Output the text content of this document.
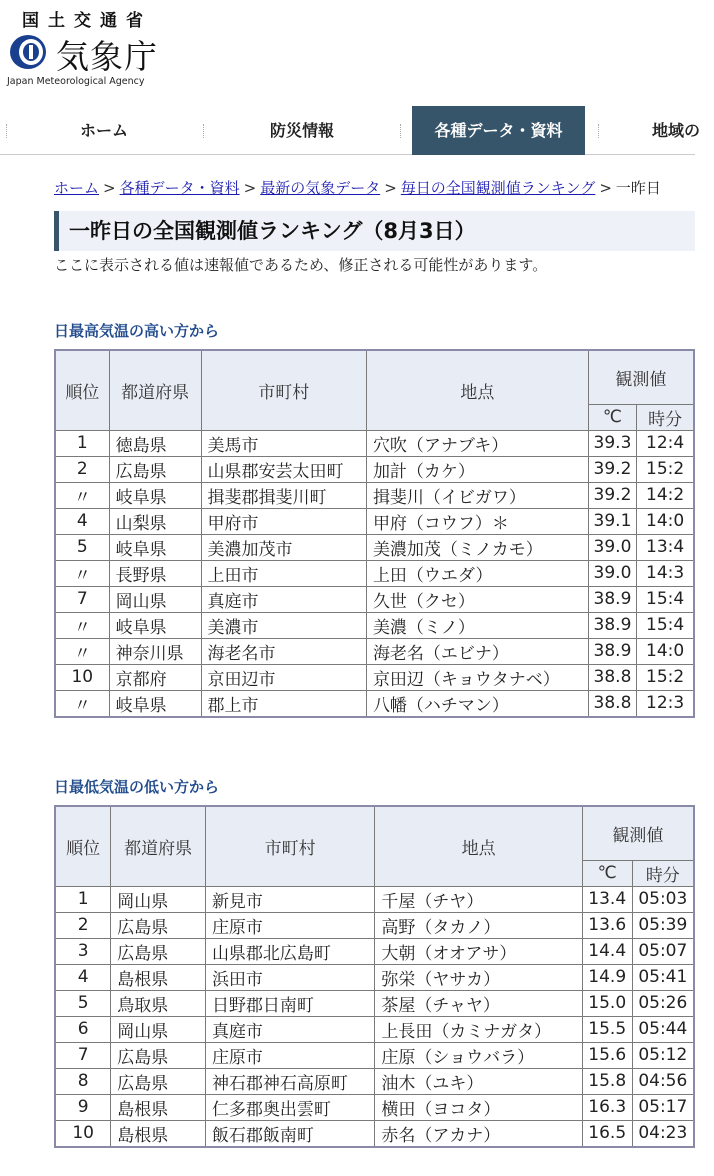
国土交通省
気象庁
Japan Meteorological Agency
ホーム	防災情報	各種データ・資料	地域の
ホーム > 各種データ・資料 > 最新の気象データ > 毎日の全国観測値ランキング > 一昨日
一昨日の全国観測値ランキング（8月3日）
ここに表示される値は速報値であるため、修正される可能性があります。
日最高気温の高い方から
順位	都道府県	市町村	地点	観測値	
				℃	時分
1	徳島県	美馬市	穴吹（アナブキ）	39.3	12:4
2	広島県	山県郡安芸太田町	加計（カケ）	39.2	15:2
〃	岐阜県	揖斐郡揖斐川町	揖斐川（イビガワ）	39.2	14:2
4	山梨県	甲府市	甲府（コウフ）＊	39.1	14:0
5	岐阜県	美濃加茂市	美濃加茂（ミノカモ）	39.0	13:4
〃	長野県	上田市	上田（ウエダ）	39.0	14:3
7	岡山県	真庭市	久世（クセ）	38.9	15:4
〃	岐阜県	美濃市	美濃（ミノ）	38.9	15:4
〃	神奈川県	海老名市	海老名（エビナ）	38.9	14:0
10	京都府	京田辺市	京田辺（キョウタナベ）	38.8	15:2
〃	岐阜県	郡上市	八幡（ハチマン）	38.8	12:3
日最低気温の低い方から
順位	都道府県	市町村	地点	観測値	
				℃	時分
1	岡山県	新見市	千屋（チヤ）	13.4	05:03
2	広島県	庄原市	高野（タカノ）	13.6	05:39
3	広島県	山県郡北広島町	大朝（オオアサ）	14.4	05:07
4	島根県	浜田市	弥栄（ヤサカ）	14.9	05:41
5	鳥取県	日野郡日南町	茶屋（チャヤ）	15.0	05:26
6	岡山県	真庭市	上長田（カミナガタ）	15.5	05:44
7	広島県	庄原市	庄原（ショウバラ）	15.6	05:12
8	広島県	神石郡神石高原町	油木（ユキ）	15.8	04:56
9	島根県	仁多郡奥出雲町	横田（ヨコタ）	16.3	05:17
10	島根県	飯石郡飯南町	赤名（アカナ）	16.5	04:23
